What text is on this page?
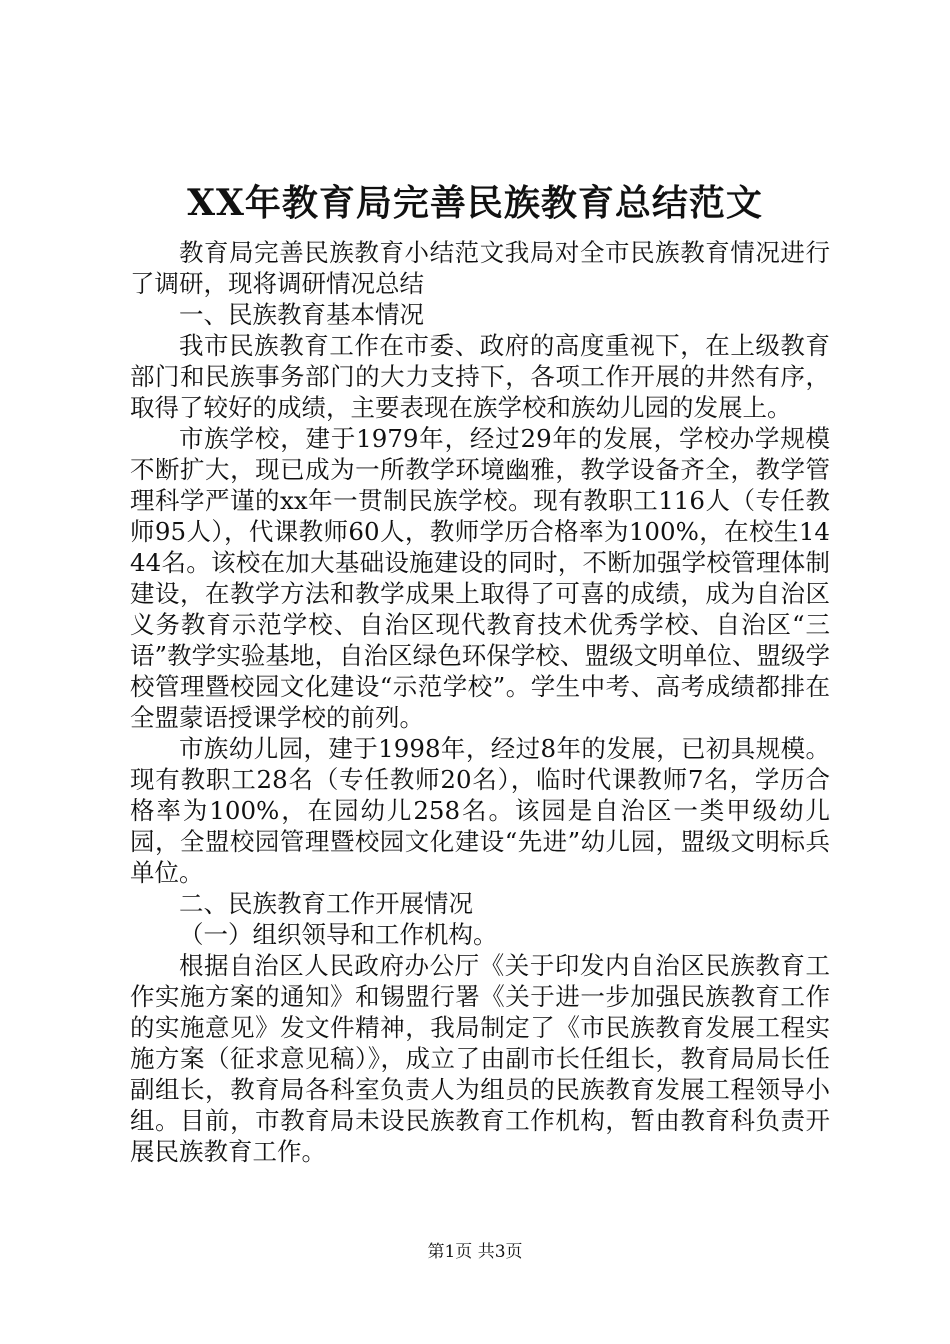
XX年教育局完善民族教育总结范文

教育局完善民族教育小结范文我局对全市民族教育情况进行了调研，现将调研情况总结

一、民族教育基本情况

我市民族教育工作在市委、政府的高度重视下，在上级教育部门和民族事务部门的大力支持下，各项工作开展的井然有序，取得了较好的成绩，主要表现在族学校和族幼儿园的发展上。

市族学校，建于1979年，经过29年的发展，学校办学规模不断扩大，现已成为一所教学环境幽雅，教学设备齐全，教学管理科学严谨的xx年一贯制民族学校。现有教职工116人（专任教师95人），代课教师60人，教师学历合格率为100%，在校生1444名。该校在加大基础设施建设的同时，不断加强学校管理体制建设，在教学方法和教学成果上取得了可喜的成绩，成为自治区义务教育示范学校、自治区现代教育技术优秀学校、自治区“三语”教学实验基地，自治区绿色环保学校、盟级文明单位、盟级学校管理暨校园文化建设“示范学校”。学生中考、高考成绩都排在全盟蒙语授课学校的前列。

市族幼儿园，建于1998年，经过8年的发展，已初具规模。现有教职工28名（专任教师20名），临时代课教师7名，学历合格率为100%，在园幼儿258名。该园是自治区一类甲级幼儿园，全盟校园管理暨校园文化建设“先进”幼儿园，盟级文明标兵单位。

二、民族教育工作开展情况

（一）组织领导和工作机构。

根据自治区人民政府办公厅《关于印发内自治区民族教育工作实施方案的通知》和锡盟行署《关于进一步加强民族教育工作的实施意见》发文件精神，我局制定了《市民族教育发展工程实施方案（征求意见稿）》，成立了由副市长任组长，教育局局长任副组长，教育局各科室负责人为组员的民族教育发展工程领导小组。目前，市教育局未设民族教育工作机构，暂由教育科负责开展民族教育工作。

第1页 共3页
